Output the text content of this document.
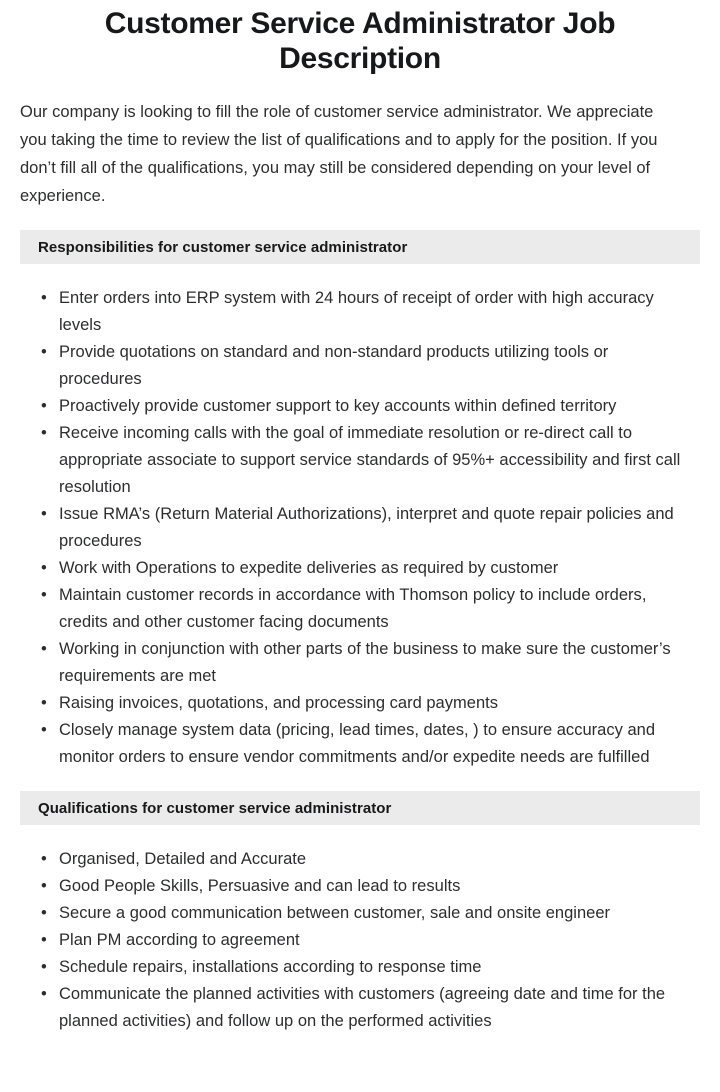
Customer Service Administrator Job Description

Our company is looking to fill the role of customer service administrator. We appreciate you taking the time to review the list of qualifications and to apply for the position. If you don’t fill all of the qualifications, you may still be considered depending on your level of experience.

Responsibilities for customer service administrator
• Enter orders into ERP system with 24 hours of receipt of order with high accuracy levels
• Provide quotations on standard and non-standard products utilizing tools or procedures
• Proactively provide customer support to key accounts within defined territory
• Receive incoming calls with the goal of immediate resolution or re-direct call to appropriate associate to support service standards of 95%+ accessibility and first call resolution
• Issue RMA’s (Return Material Authorizations), interpret and quote repair policies and procedures
• Work with Operations to expedite deliveries as required by customer
• Maintain customer records in accordance with Thomson policy to include orders, credits and other customer facing documents
• Working in conjunction with other parts of the business to make sure the customer’s requirements are met
• Raising invoices, quotations, and processing card payments
• Closely manage system data (pricing, lead times, dates, ) to ensure accuracy and monitor orders to ensure vendor commitments and/or expedite needs are fulfilled
Qualifications for customer service administrator
• Organised, Detailed and Accurate
• Good People Skills, Persuasive and can lead to results
• Secure a good communication between customer, sale and onsite engineer
• Plan PM according to agreement
• Schedule repairs, installations according to response time
• Communicate the planned activities with customers (agreeing date and time for the planned activities) and follow up on the performed activities
